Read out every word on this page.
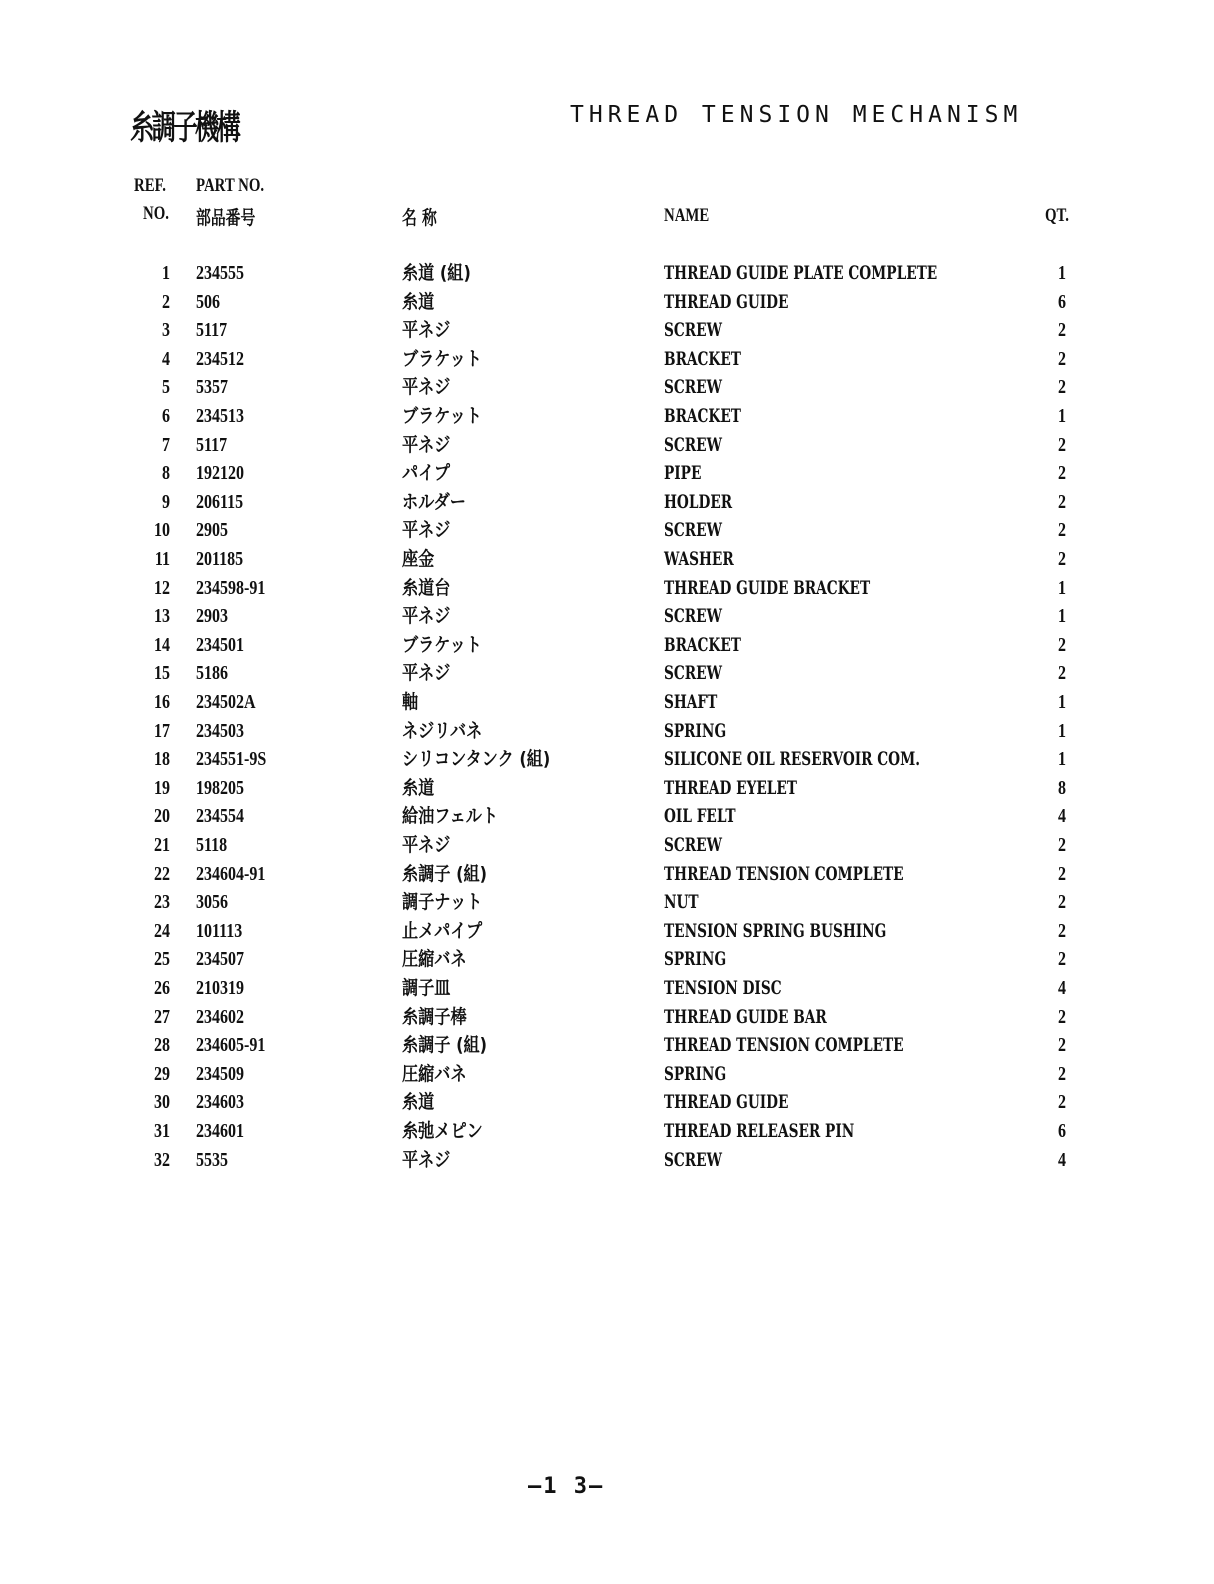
糸調子機構	THREAD TENSION MECHANISM
REF.
NO.
PART NO.
部品番号	名 称	NAME	QT.
1 234555	糸道 (組)	THREAD GUIDE PLATE COMPLETE	1
2 506	糸道	THREAD GUIDE	6
3 5117	平ネジ	SCREW	2
4 234512	ブラケット	BRACKET	2
5 5357	平ネジ	SCREW	2
6 234513	ブラケット	BRACKET	1
7 5117	平ネジ	SCREW	2
8 192120	パイプ	PIPE	2
9 206115	ホルダー	HOLDER	2
10 2905	平ネジ	SCREW	2
11 201185	座金	WASHER	2
12 234598-91	糸道台	THREAD GUIDE BRACKET	1
13 2903	平ネジ	SCREW	1
14 234501	ブラケット	BRACKET	2
15 5186	平ネジ	SCREW	2
16 234502A	軸	SHAFT	1
17 234503	ネジリバネ	SPRING	1
18 234551-9S	シリコンタンク (組)	SILICONE OIL RESERVOIR COM.	1
19 198205	糸道	THREAD EYELET	8
20 234554	給油フェルト	OIL FELT	4
21 5118	平ネジ	SCREW	2
22 234604-91	糸調子 (組)	THREAD TENSION COMPLETE	2
23 3056	調子ナット	NUT	2
24 101113	止メパイプ	TENSION SPRING BUSHING	2
25 234507	圧縮バネ	SPRING	2
26 210319	調子皿	TENSION DISC	4
27 234602	糸調子棒	THREAD GUIDE BAR	2
28 234605-91	糸調子 (組)	THREAD TENSION COMPLETE	2
29 234509	圧縮バネ	SPRING	2
30 234603	糸道	THREAD GUIDE	2
31 234601	糸弛メピン	THREAD RELEASER PIN	6
32 5535	平ネジ	SCREW	4
—1 3—
